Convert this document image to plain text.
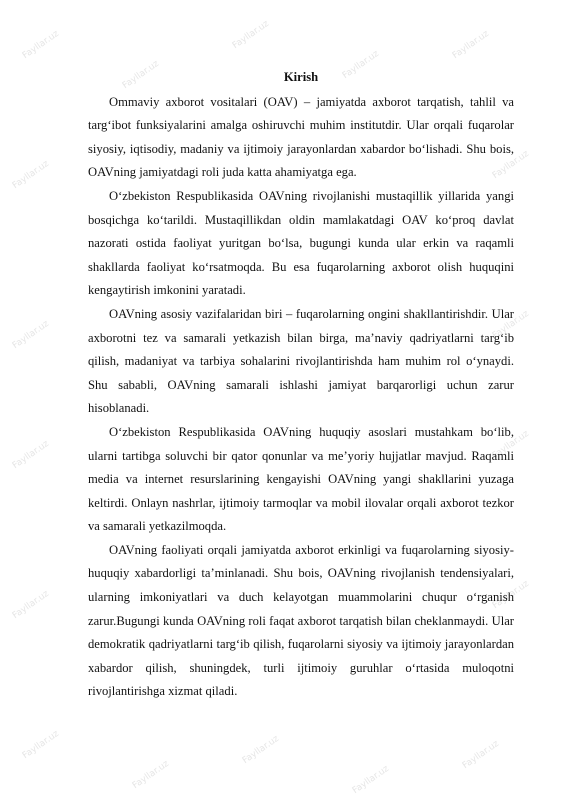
Fayllar.uz
Fayllar.uz
Fayllar.uz
Fayllar.uz
Fayllar.uz
Fayllar.uz	Fayllar.uz
Fayllar.uz	Fayllar.uz
Fayllar.uz	Fayllar.uz
Fayllar.uz	Fayllar.uz
Fayllar.uz
Fayllar.uz
Fayllar.uz
Fayllar.uz
Fayllar.uz

Kirish

Ommaviy axborot vositalari (OAV) – jamiyatda axborot tarqatish, tahlil va targ‘ibot funksiyalarini amalga oshiruvchi muhim institutdir. Ular orqali fuqarolar siyosiy, iqtisodiy, madaniy va ijtimoiy jarayonlardan xabardor bo‘lishadi. Shu bois, OAVning jamiyatdagi roli juda katta ahamiyatga ega.

O‘zbekiston Respublikasida OAVning rivojlanishi mustaqillik yillarida yangi bosqichga ko‘tarildi. Mustaqillikdan oldin mamlakatdagi OAV ko‘proq davlat nazorati ostida faoliyat yuritgan bo‘lsa, bugungi kunda ular erkin va raqamli shakllarda faoliyat ko‘rsatmoqda. Bu esa fuqarolarning axborot olish huquqini kengaytirish imkonini yaratadi.

OAVning asosiy vazifalaridan biri – fuqarolarning ongini shakllantirishdir. Ular axborotni tez va samarali yetkazish bilan birga, ma’naviy qadriyatlarni targ‘ib qilish, madaniyat va tarbiya sohalarini rivojlantirishda ham muhim rol o‘ynaydi. Shu sababli, OAVning samarali ishlashi jamiyat barqarorligi uchun zarur hisoblanadi.

O‘zbekiston Respublikasida OAVning huquqiy asoslari mustahkam bo‘lib, ularni tartibga soluvchi bir qator qonunlar va me’yoriy hujjatlar mavjud. Raqamli media va internet resurslarining kengayishi OAVning yangi shakllarini yuzaga keltirdi. Onlayn nashrlar, ijtimoiy tarmoqlar va mobil ilovalar orqali axborot tezkor va samarali yetkazilmoqda.

OAVning faoliyati orqali jamiyatda axborot erkinligi va fuqarolarning siyosiy-huquqiy xabardorligi ta’minlanadi. Shu bois, OAVning rivojlanish tendensiyalari, ularning imkoniyatlari va duch kelayotgan muammolarini chuqur o‘rganish zarur.Bugungi kunda OAVning roli faqat axborot tarqatish bilan cheklanmaydi. Ular demokratik qadriyatlarni targ‘ib qilish, fuqarolarni siyosiy va ijtimoiy jarayonlardan xabardor qilish, shuningdek, turli ijtimoiy guruhlar o‘rtasida muloqotni rivojlantirishga xizmat qiladi.
